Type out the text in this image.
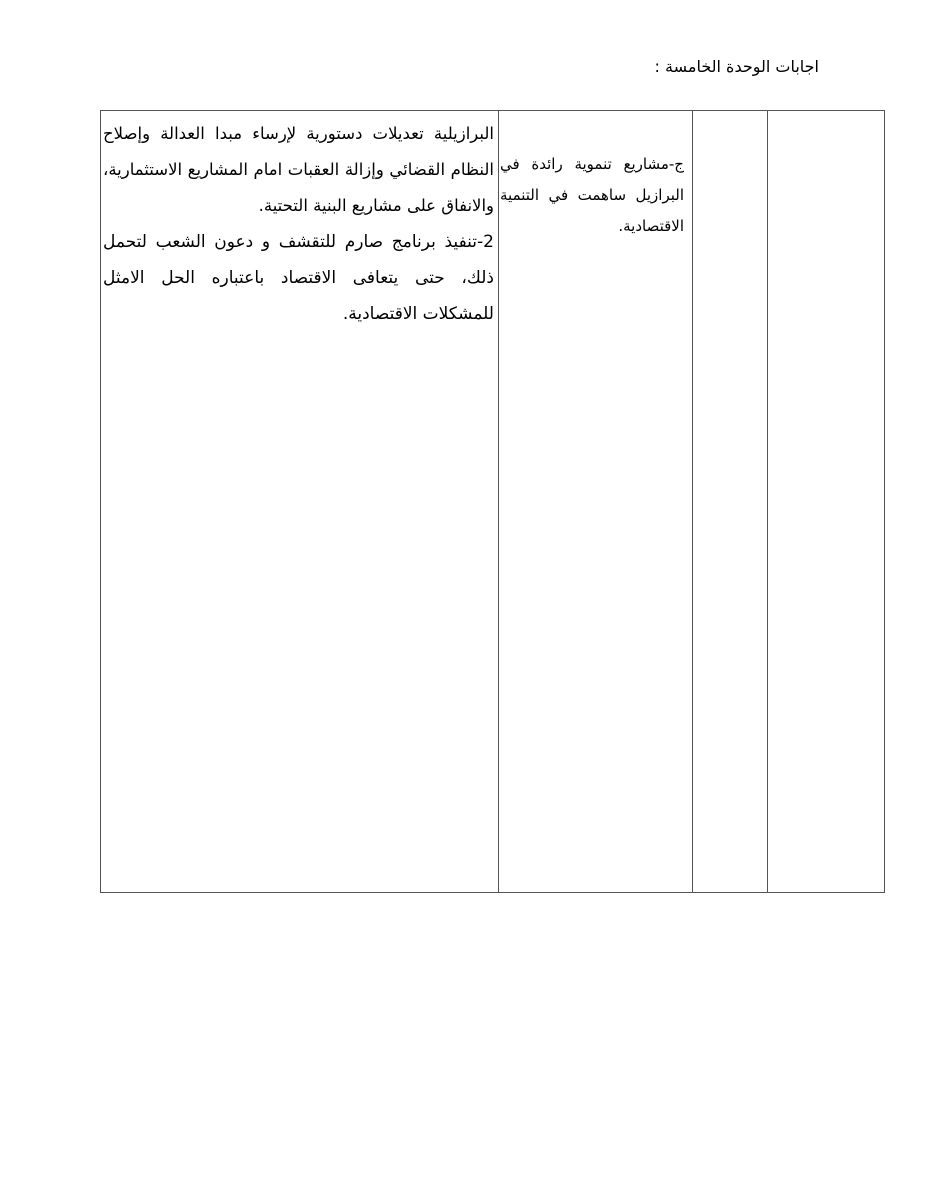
اجابات الوحدة الخامسة :

البرازيلية تعديلات دستورية لإرساء مبدا العدالة وإصلاح النظام القضائي وإزالة العقبات امام المشاريع الاستثمارية، والانفاق على مشاريع البنية التحتية.

2-تنفيذ برنامج صارم للتقشف و دعون الشعب لتحمل ذلك، حتى يتعافى الاقتصاد باعتباره الحل الامثل للمشكلات الاقتصادية.

ج-مشاريع تنموية رائدة في البرازيل ساهمت في التنمية الاقتصادية.
